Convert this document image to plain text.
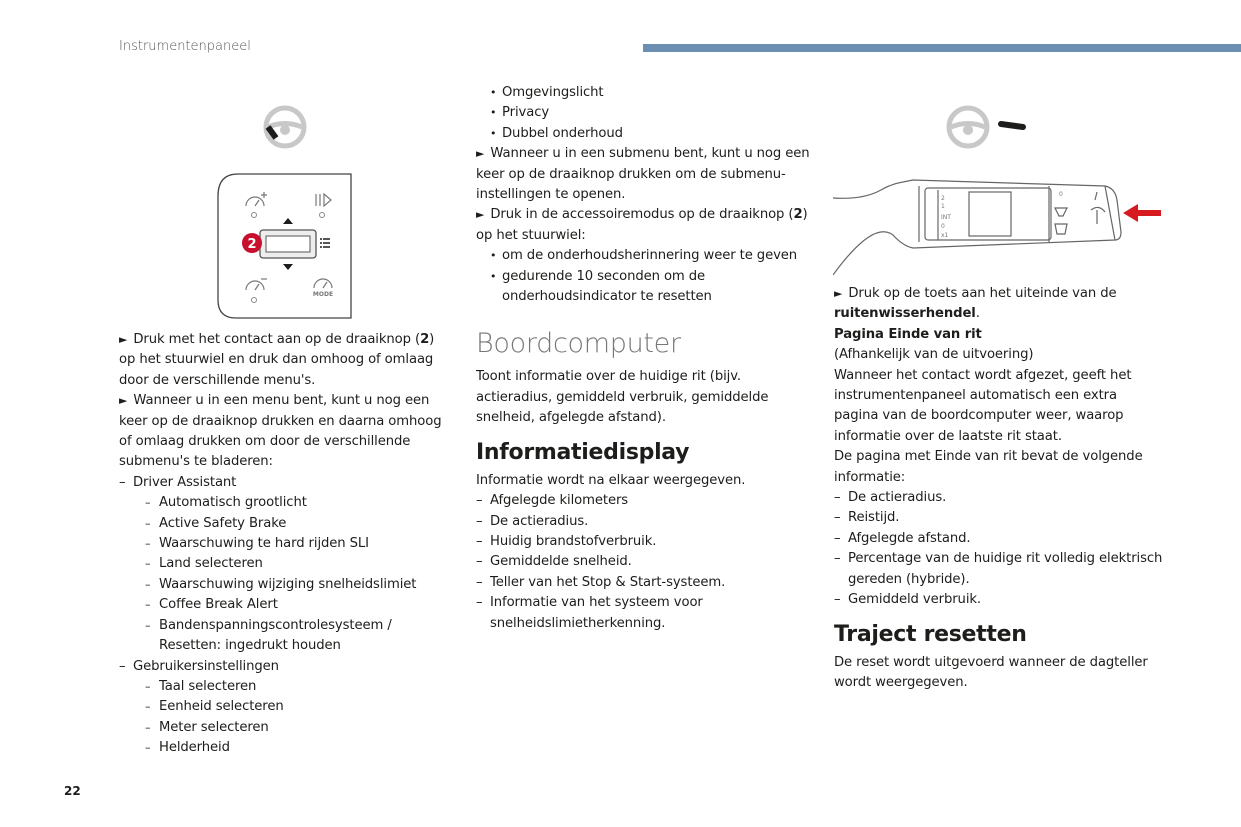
Instrumentenpaneel
22
2
MODE

► Druk met het contact aan op de draaiknop (2) op het stuurwiel en druk dan omhoog of omlaag door de verschillende menu's.

► Wanneer u in een menu bent, kunt u nog een keer op de draaiknop drukken en daarna omhoog of omlaag drukken om door de verschillende submenu's te bladeren:

– Driver Assistant
– Automatisch grootlicht
– Active Safety Brake
– Waarschuwing te hard rijden SLI
– Land selecteren
– Waarschuwing wijziging snelheidslimiet
– Coffee Break Alert
– Bandenspanningscontrolesysteem / Resetten: ingedrukt houden
– Gebruikersinstellingen
– Taal selecteren
– Eenheid selecteren
– Meter selecteren
– Helderheid
• Omgevingslicht
• Privacy
• Dubbel onderhoud

► Wanneer u in een submenu bent, kunt u nog een keer op de draaiknop drukken om de submenu-instellingen te openen.

► Druk in de accessoiremodus op de draaiknop (2) op het stuurwiel:

• om de onderhoudsherinnering weer te geven
• gedurende 10 seconden om de onderhoudsindicator te resetten
Boordcomputer

Toont informatie over de huidige rit (bijv. actieradius, gemiddeld verbruik, gemiddelde snelheid, afgelegde afstand).

Informatiedisplay

Informatie wordt na elkaar weergegeven.

– Afgelegde kilometers
– De actieradius.
– Huidig brandstofverbruik.
– Gemiddelde snelheid.
– Teller van het Stop & Start-systeem.
– Informatie van het systeem voor snelheidslimietherkenning.
2
1
INT
0
x1
0

► Druk op de toets aan het uiteinde van de ruitenwisserhendel.

Pagina Einde van rit

(Afhankelijk van de uitvoering)

Wanneer het contact wordt afgezet, geeft het instrumentenpaneel automatisch een extra pagina van de boordcomputer weer, waarop informatie over de laatste rit staat.

De pagina met Einde van rit bevat de volgende informatie:

– De actieradius.
– Reistijd.
– Afgelegde afstand.
– Percentage van de huidige rit volledig elektrisch gereden (hybride).
– Gemiddeld verbruik.
Traject resetten

De reset wordt uitgevoerd wanneer de dagteller wordt weergegeven.
